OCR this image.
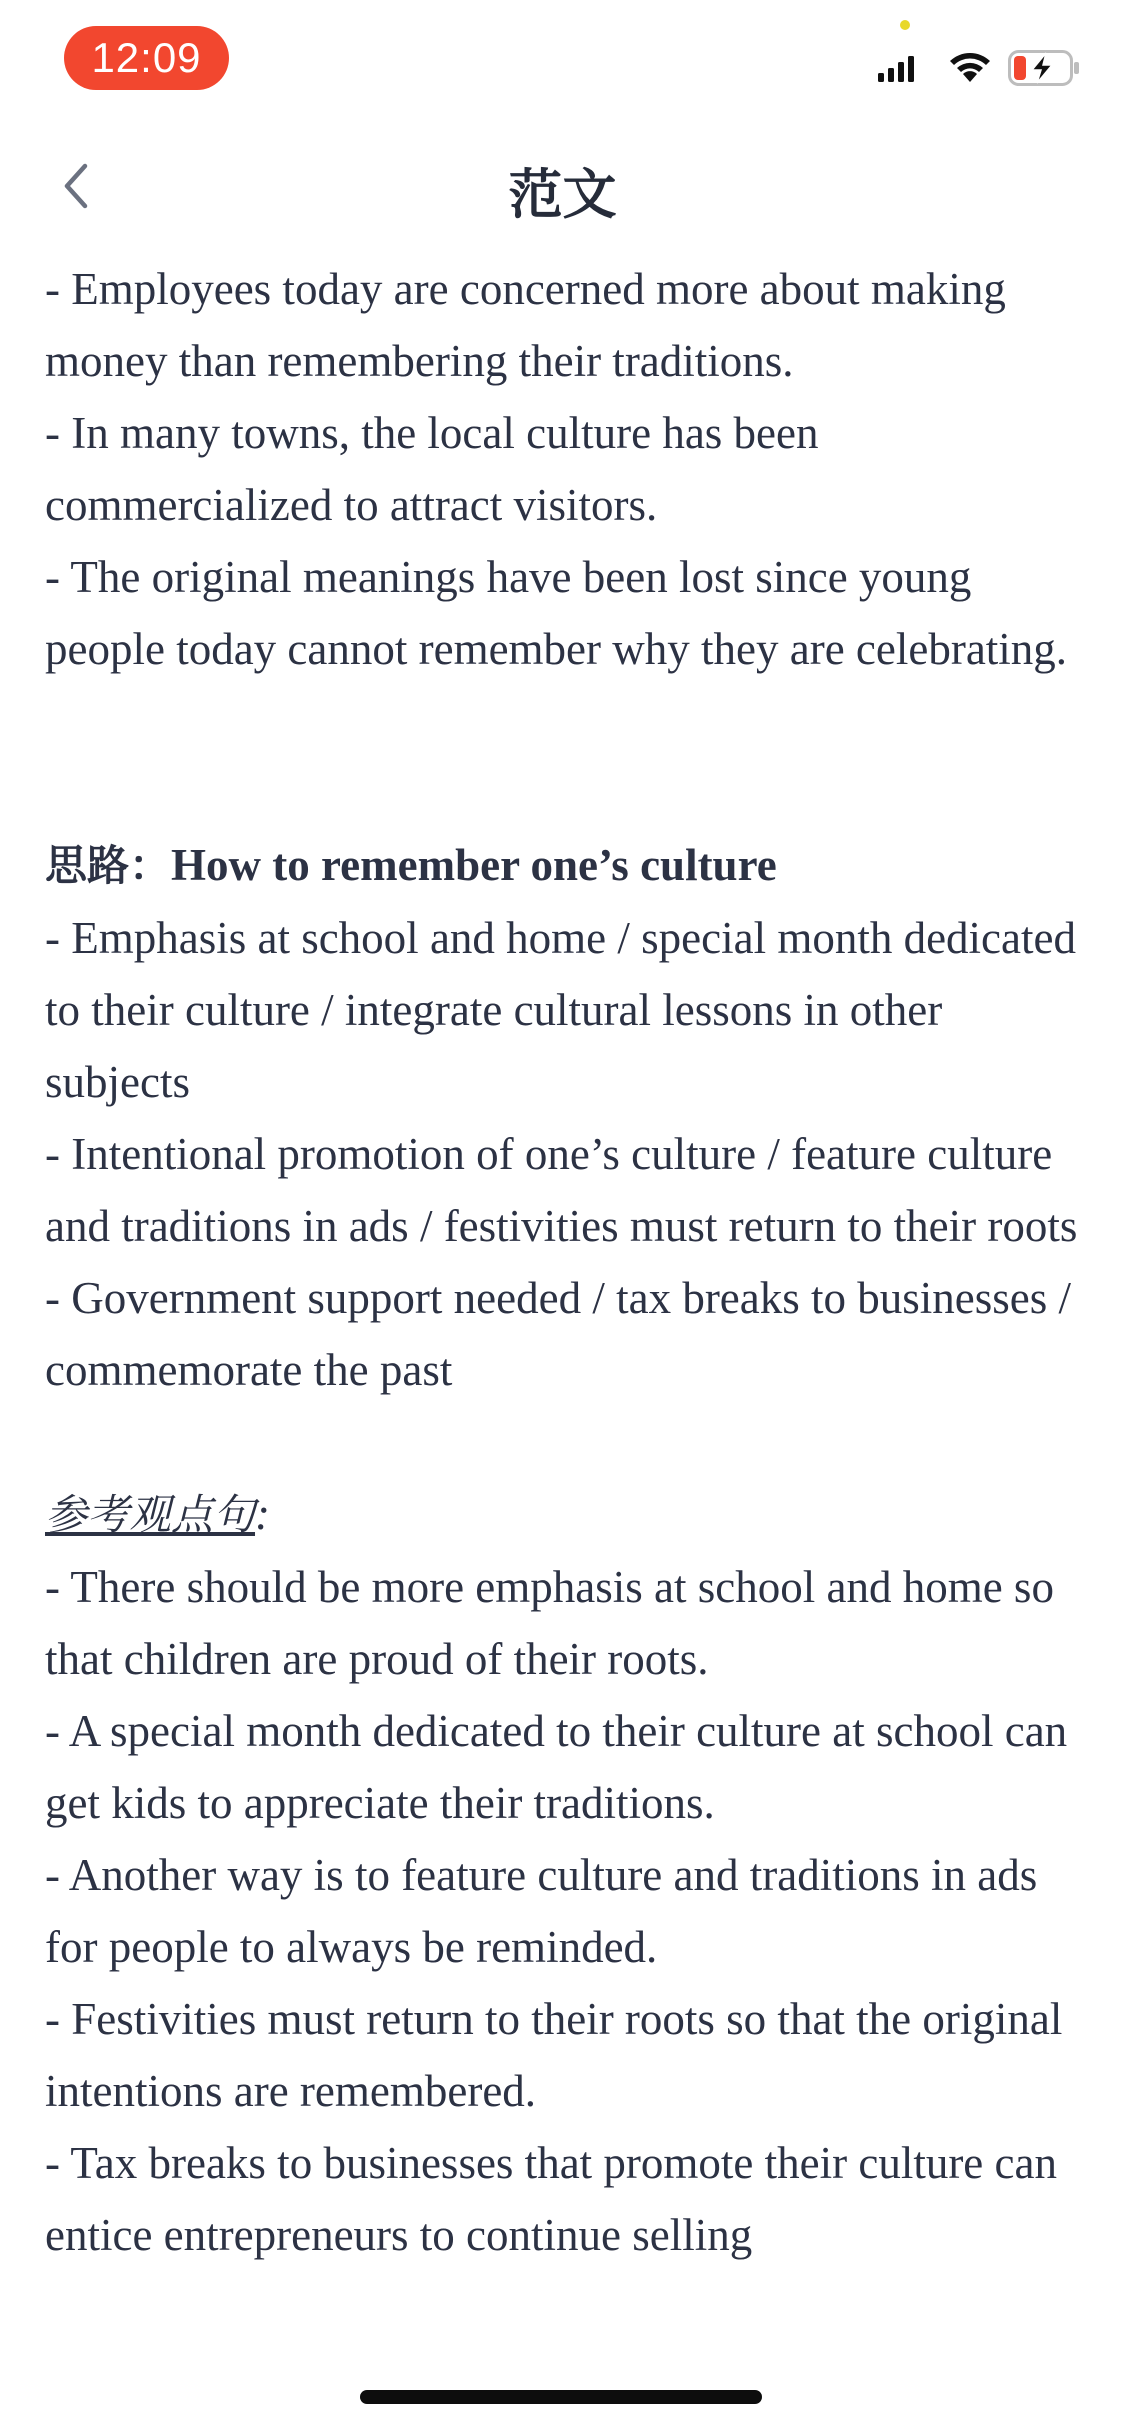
12:09
范文

- Employees today are concerned more about making money than remembering their traditions.

- In many towns, the local culture has been commercialized to attract visitors.

- The original meanings have been lost since young people today cannot remember why they are celebrating.

思路：How to remember one’s culture

- Emphasis at school and home / special month dedicated to their culture / integrate cultural lessons in other subjects

- Intentional promotion of one’s culture / feature culture and traditions in ads / festivities must return to their roots

- Government support needed / tax breaks to businesses / commemorate the past

参考观点句:

- There should be more emphasis at school and home so that children are proud of their roots.

- A special month dedicated to their culture at school can get kids to appreciate their traditions.

- Another way is to feature culture and traditions in ads for people to always be reminded.

- Festivities must return to their roots so that the original intentions are remembered.

- Tax breaks to businesses that promote their culture can entice entrepreneurs to continue selling
